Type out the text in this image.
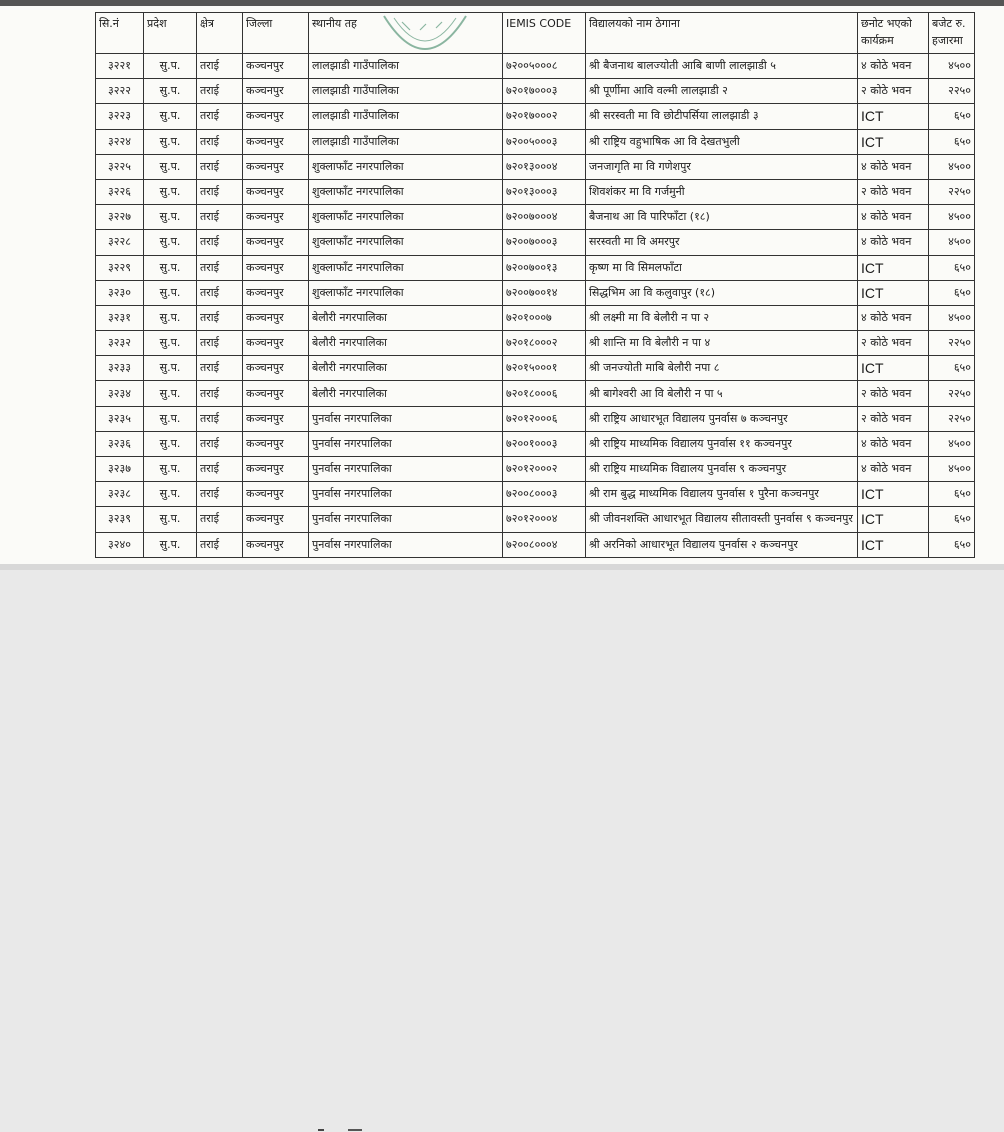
सि.नं	प्रदेश	क्षेत्र	जिल्ला	स्थानीय तह	IEMIS CODE	विद्यालयको नाम ठेगाना	छनोट भएको कार्यक्रम	बजेट रु. हजारमा
३२२१	सु.प.	तराई	कञ्चनपुर	लालझाडी गाउँपालिका	७२००५०००८	श्री बैजनाथ बालज्योती आबि बाणी लालझाडी ५	४ कोठे भवन	४५००
३२२२	सु.प.	तराई	कञ्चनपुर	लालझाडी गाउँपालिका	७२०१७०००३	श्री पूर्णीमा आवि वल्मी लालझाडी २	२ कोठे भवन	२२५०
३२२३	सु.प.	तराई	कञ्चनपुर	लालझाडी गाउँपालिका	७२०१७०००२	श्री सरस्वती मा वि छोटीपर्सिया लालझाडी ३	ICT	६५०
३२२४	सु.प.	तराई	कञ्चनपुर	लालझाडी गाउँपालिका	७२००५०००३	श्री राष्ट्रिय वहुभाषिक आ वि देखतभुली	ICT	६५०
३२२५	सु.प.	तराई	कञ्चनपुर	शुक्लाफाँट नगरपालिका	७२०१३०००४	जनजागृति मा वि गणेशपुर	४ कोठे भवन	४५००
३२२६	सु.प.	तराई	कञ्चनपुर	शुक्लाफाँट नगरपालिका	७२०१३०००३	शिवशंकर मा वि गर्जमुनी	२ कोठे भवन	२२५०
३२२७	सु.प.	तराई	कञ्चनपुर	शुक्लाफाँट नगरपालिका	७२००७०००४	बैजनाथ आ वि पारिफाँटा (१८)	४ कोठे भवन	४५००
३२२८	सु.प.	तराई	कञ्चनपुर	शुक्लाफाँट नगरपालिका	७२००७०००३	सरस्वती मा वि अमरपुर	४ कोठे भवन	४५००
३२२९	सु.प.	तराई	कञ्चनपुर	शुक्लाफाँट नगरपालिका	७२००७००१३	कृष्ण मा वि सिमलफाँटा	ICT	६५०
३२३०	सु.प.	तराई	कञ्चनपुर	शुक्लाफाँट नगरपालिका	७२००७००१४	सिद्धभिम आ वि कलुवापुर (१८)	ICT	६५०
३२३१	सु.प.	तराई	कञ्चनपुर	बेलौरी नगरपालिका	७२०१०००७	श्री लक्ष्मी मा वि बेलौरी न पा २	४ कोठे भवन	४५००
३२३२	सु.प.	तराई	कञ्चनपुर	बेलौरी नगरपालिका	७२०१८०००२	श्री शान्ति मा वि बेलौरी न पा ४	२ कोठे भवन	२२५०
३२३३	सु.प.	तराई	कञ्चनपुर	बेलौरी नगरपालिका	७२०१५०००१	श्री जनज्योती माबि बेलौरी नपा ८	ICT	६५०
३२३४	सु.प.	तराई	कञ्चनपुर	बेलौरी नगरपालिका	७२०१८०००६	श्री बागेश्वरी आ वि बेलौरी न पा ५	२ कोठे भवन	२२५०
३२३५	सु.प.	तराई	कञ्चनपुर	पुनर्वास नगरपालिका	७२०१२०००६	श्री राष्ट्रिय आधारभूत विद्यालय पुनर्वास ७ कञ्चनपुर	२ कोठे भवन	२२५०
३२३६	सु.प.	तराई	कञ्चनपुर	पुनर्वास नगरपालिका	७२००१०००३	श्री राष्ट्रिय माध्यमिक विद्यालय पुनर्वास ११ कञ्चनपुर	४ कोठे भवन	४५००
३२३७	सु.प.	तराई	कञ्चनपुर	पुनर्वास नगरपालिका	७२०१२०००२	श्री राष्ट्रिय माध्यमिक विद्यालय पुनर्वास ९ कञ्चनपुर	४ कोठे भवन	४५००
३२३८	सु.प.	तराई	कञ्चनपुर	पुनर्वास नगरपालिका	७२००८०००३	श्री राम बुद्ध माध्यमिक विद्यालय पुनर्वास १ पुरैना कञ्चनपुर	ICT	६५०
३२३९	सु.प.	तराई	कञ्चनपुर	पुनर्वास नगरपालिका	७२०१२०००४	श्री जीवनशक्ति आधारभूत विद्यालय सीतावस्ती पुनर्वास ९ कञ्चनपुर	ICT	६५०
३२४०	सु.प.	तराई	कञ्चनपुर	पुनर्वास नगरपालिका	७२००८०००४	श्री अरनिको आधारभूत विद्यालय पुनर्वास २ कञ्चनपुर	ICT	६५०
